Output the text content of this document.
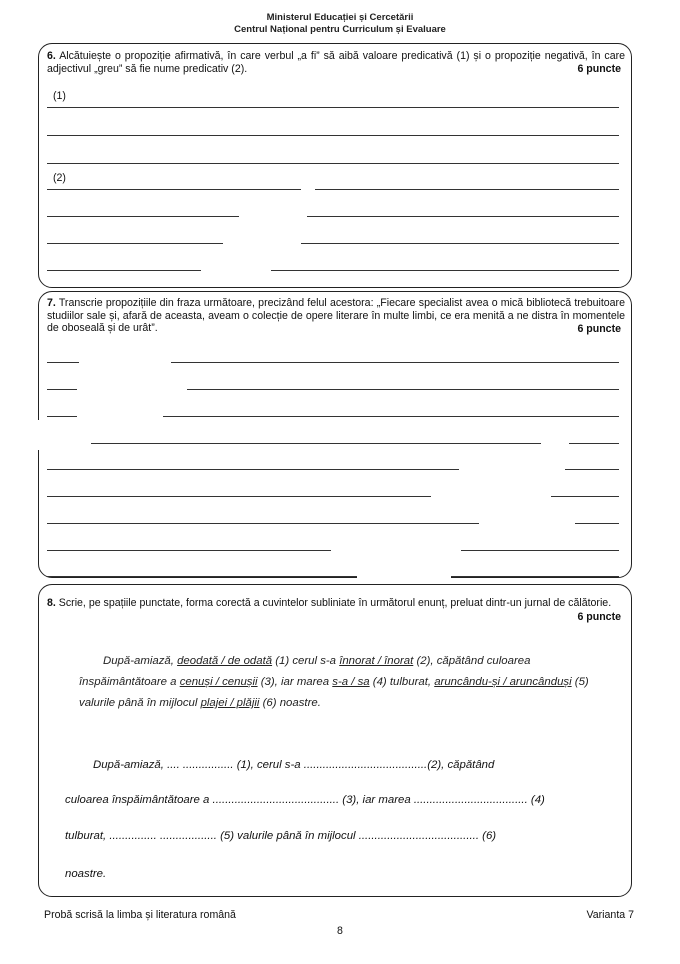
Ministerul Educației și Cercetării
Centrul Național pentru Curriculum și Evaluare
6. Alcătuiește o propoziție afirmativă, în care verbul „a fi” să aibă valoare predicativă (1) și o propoziție negativă, în care adjectivul „greu” să fie nume predicativ (2).	6 puncte
(1)
(2)
7. Transcrie propozițiile din fraza următoare, precizând felul acestora: „Fiecare specialist avea o mică bibliotecă trebuitoare studiilor sale și, afară de aceasta, aveam o colecție de opere literare în multe limbi, ce era menită a ne distra în momentele de oboseală și de urât”.	6 puncte
8. Scrie, pe spațiile punctate, forma corectă a cuvintelor subliniate în următorul enunț, preluat dintr-un jurnal de călătorie.
6 puncte
După-amiază, deodată / de odată (1) cerul s-a înnorat / înorat (2), căpătând culoarea înspăimântătoare a cenuși / cenușii (3), iar marea s-a / sa (4) tulburat, aruncându-și / aruncânduși (5) valurile până în mijlocul plajei / plăjii (6) noastre.
După-amiază, .... ................ (1), cerul s-a .......................................(2), căpătând
culoarea înspăimântătoare a ........................................ (3), iar marea .................................... (4)
tulburat, ............... .................. (5) valurile până în mijlocul ...................................... (6)
noastre.
Probă scrisă la limba și literatura română	Varianta 7
8
